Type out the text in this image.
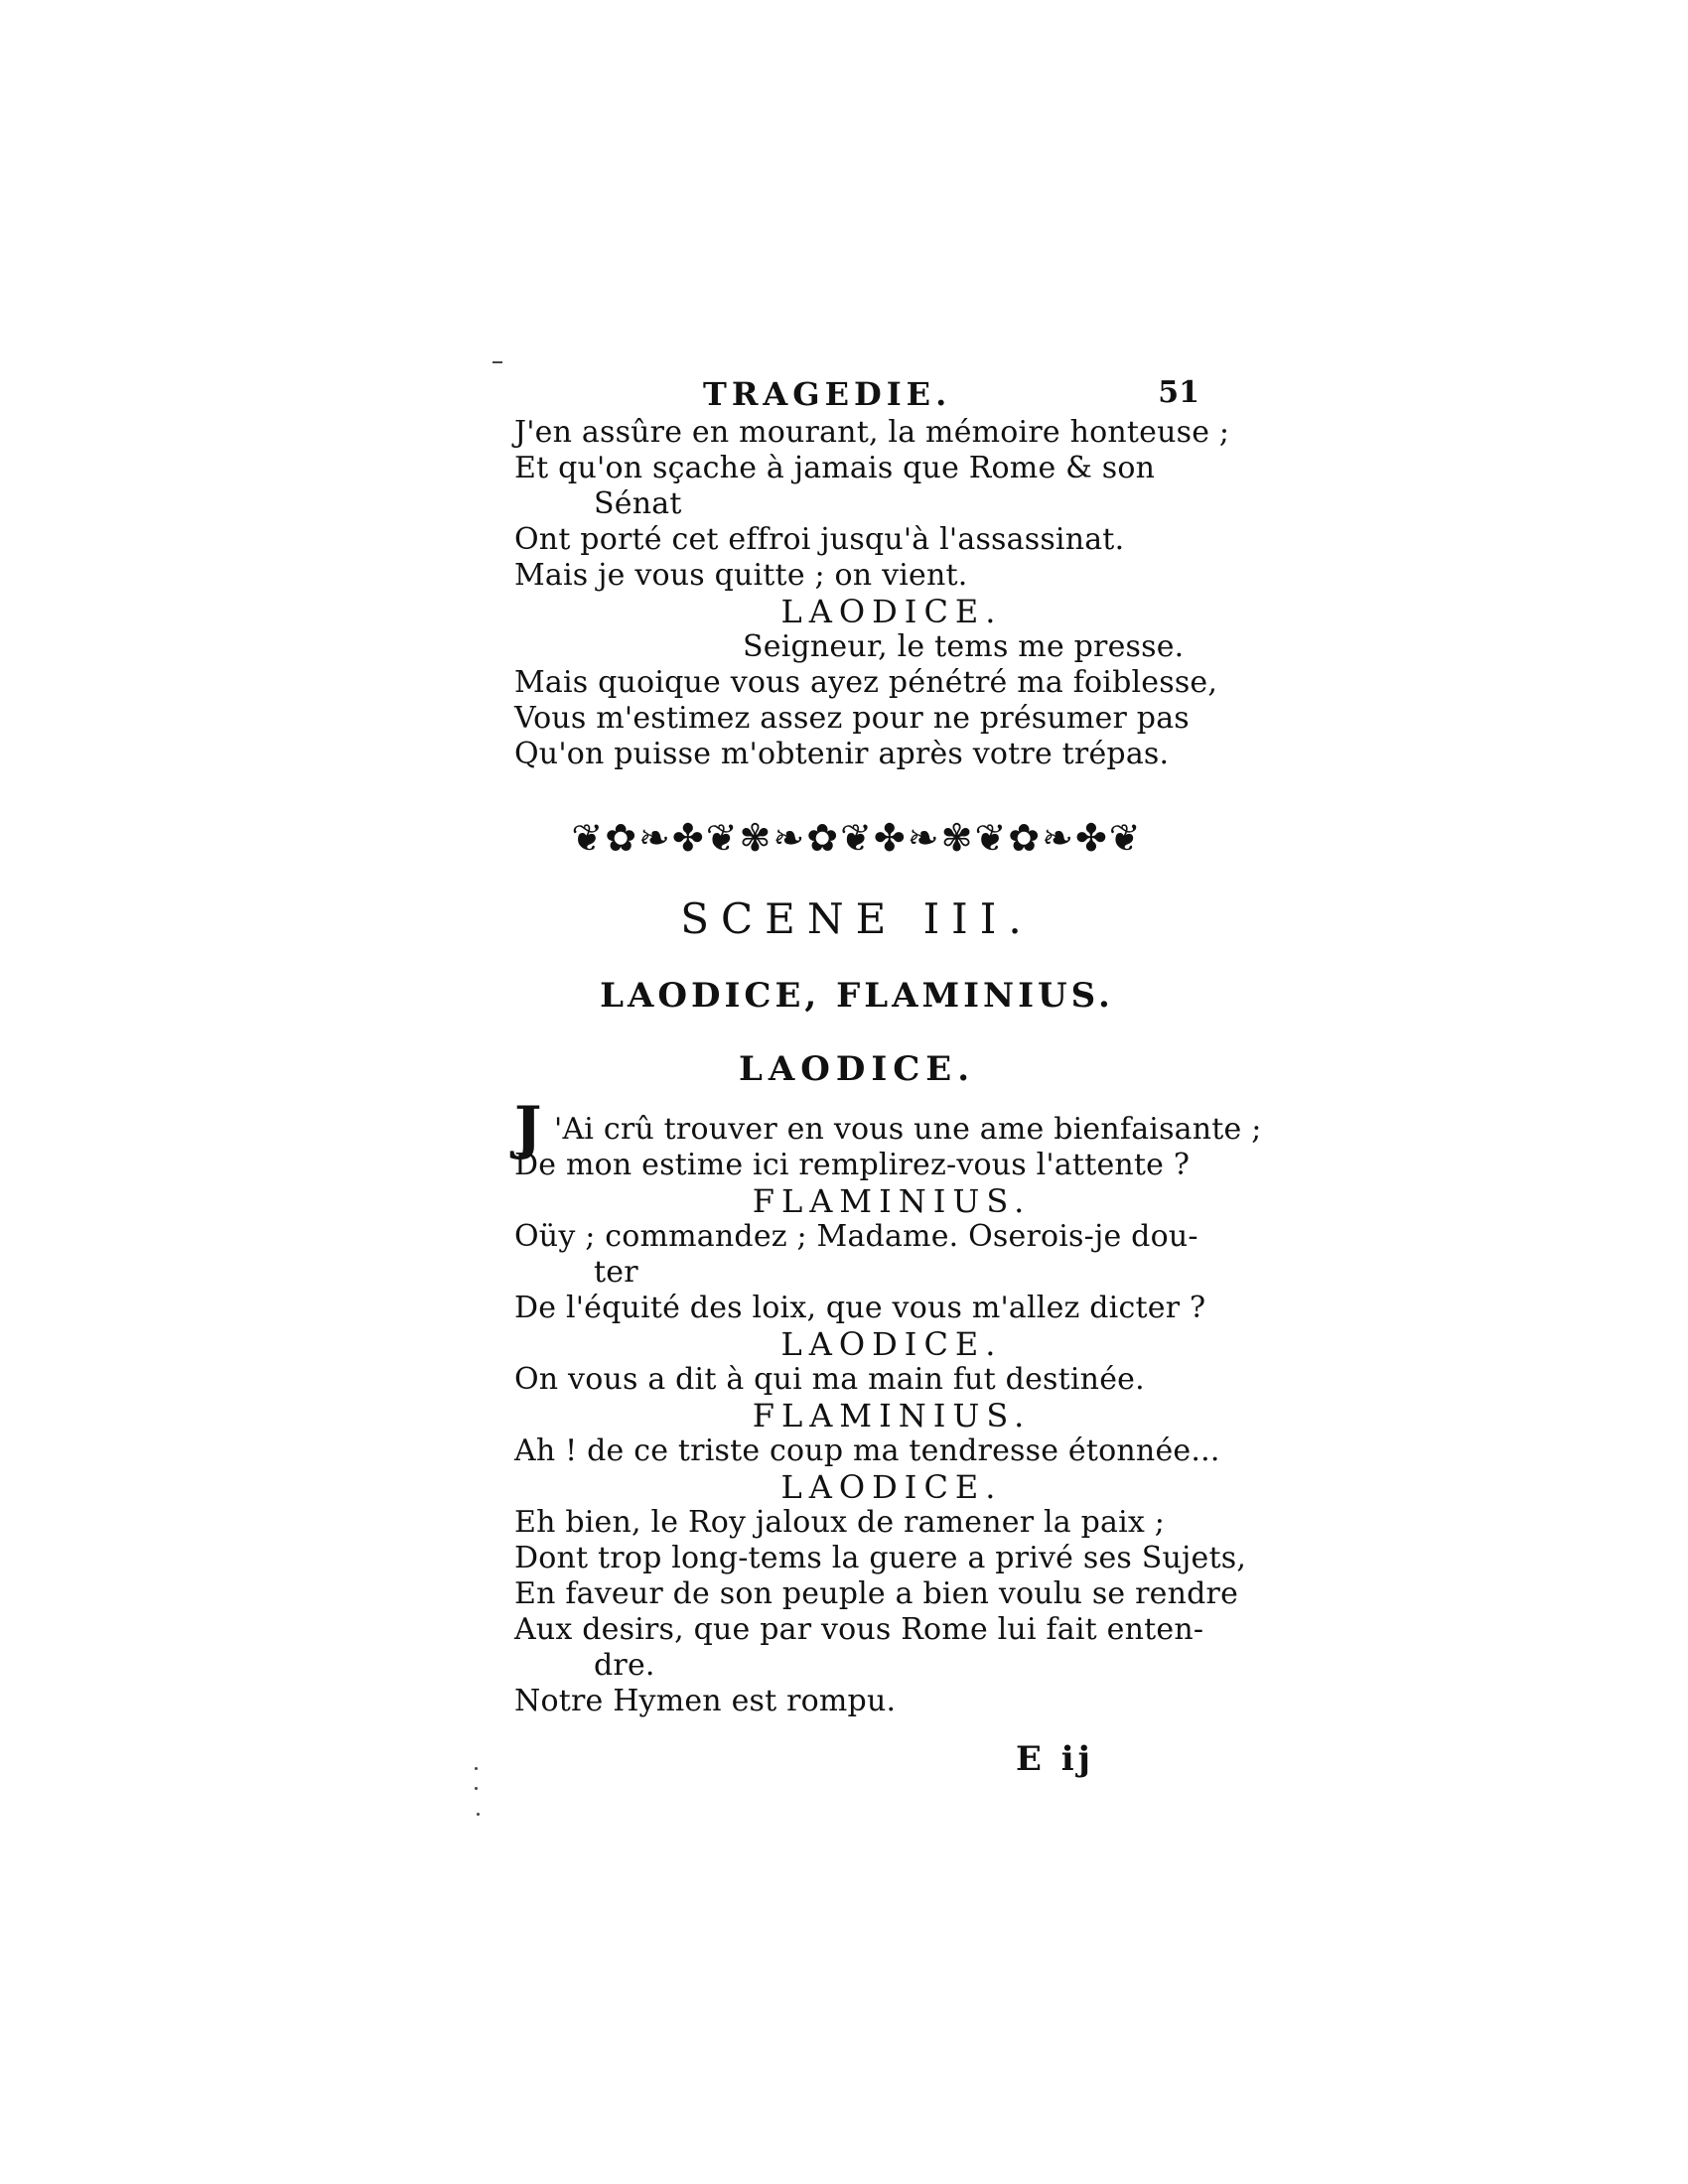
TRAGEDIE.	51
J'en assûre en mourant, la mémoire honteuse ;
Et qu'on sçache à jamais que Rome & son
Sénat
Ont porté cet effroi jusqu'à l'assassinat.
Mais je vous quitte ; on vient.
LAODICE.
Seigneur, le tems me presse.
Mais quoique vous ayez pénétré ma foiblesse,
Vous m'estimez assez pour ne présumer pas
Qu'on puisse m'obtenir après votre trépas.
❦✿❧✤❦✾❧✿❦✤❧✾❦✿❧✤❦
SCENE III.
LAODICE, FLAMINIUS.
LAODICE.
J 'Ai crû trouver en vous une ame bienfaisante ;
De mon estime ici remplirez-vous l'attente ?
FLAMINIUS.
Oüy ; commandez ; Madame. Oserois-je dou-
ter
De l'équité des loix, que vous m'allez dicter ?
LAODICE.
On vous a dit à qui ma main fut destinée.
FLAMINIUS.
Ah ! de ce triste coup ma tendresse étonnée...
LAODICE.
Eh bien, le Roy jaloux de ramener la paix ;
Dont trop long-tems la guere a privé ses Sujets,
En faveur de son peuple a bien voulu se rendre
Aux desirs, que par vous Rome lui fait enten-
dre.
Notre Hymen est rompu.
E ij
